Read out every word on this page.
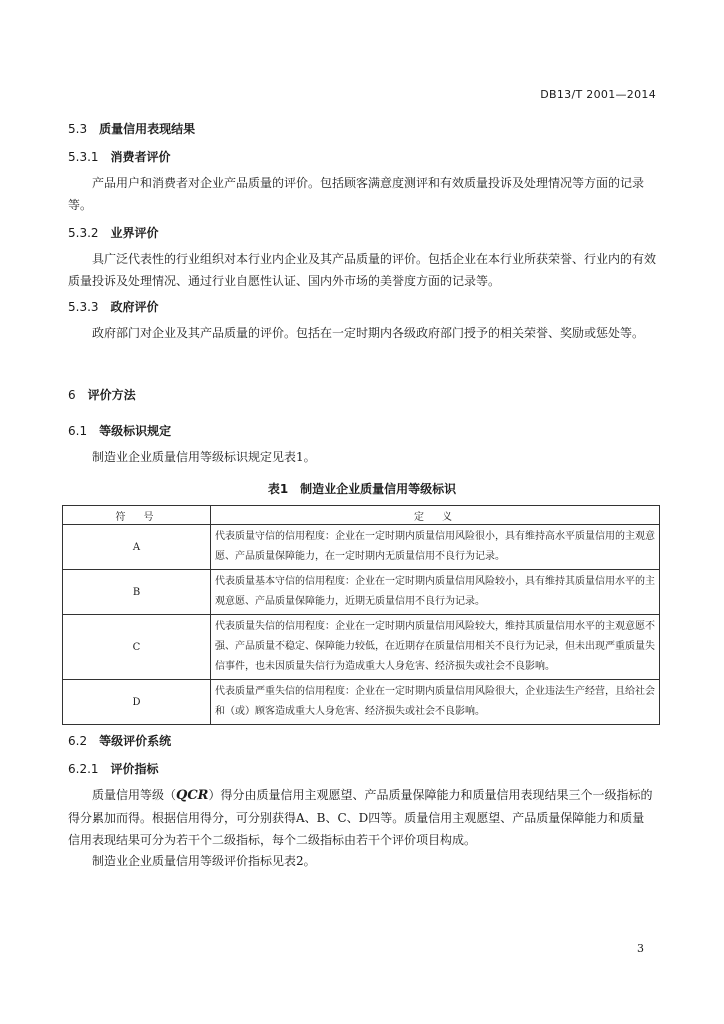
DB13/T 2001—2014
5.3 质量信用表现结果
5.3.1 消费者评价
产品用户和消费者对企业产品质量的评价。包括顾客满意度测评和有效质量投诉及处理情况等方面的记录等。
5.3.2 业界评价
具广泛代表性的行业组织对本行业内企业及其产品质量的评价。包括企业在本行业所获荣誉、行业内的有效质量投诉及处理情况、通过行业自愿性认证、国内外市场的美誉度方面的记录等。
5.3.3 政府评价
政府部门对企业及其产品质量的评价。包括在一定时期内各级政府部门授予的相关荣誉、奖励或惩处等。
6 评价方法
6.1 等级标识规定
制造业企业质量信用等级标识规定见表1。
表1　制造业企业质量信用等级标识
符　号	定　义
A	代表质量守信的信用程度：企业在一定时期内质量信用风险很小，具有维持高水平质量信用的主观意愿、产品质量保障能力，在一定时期内无质量信用不良行为记录。
B	代表质量基本守信的信用程度：企业在一定时期内质量信用风险较小，具有维持其质量信用水平的主观意愿、产品质量保障能力，近期无质量信用不良行为记录。
C	代表质量失信的信用程度：企业在一定时期内质量信用风险较大，维持其质量信用水平的主观意愿不强、产品质量不稳定、保障能力较低，在近期存在质量信用相关不良行为记录，但未出现严重质量失信事件，也未因质量失信行为造成重大人身危害、经济损失或社会不良影响。
D	代表质量严重失信的信用程度：企业在一定时期内质量信用风险很大，企业违法生产经营，且给社会和（或）顾客造成重大人身危害、经济损失或社会不良影响。
6.2 等级评价系统
6.2.1 评价指标
质量信用等级（QCR）得分由质量信用主观愿望、产品质量保障能力和质量信用表现结果三个一级指标的得分累加而得。根据信用得分，可分别获得A、B、C、D四等。质量信用主观愿望、产品质量保障能力和质量信用表现结果可分为若干个二级指标，每个二级指标由若干个评价项目构成。
制造业企业质量信用等级评价指标见表2。
3
